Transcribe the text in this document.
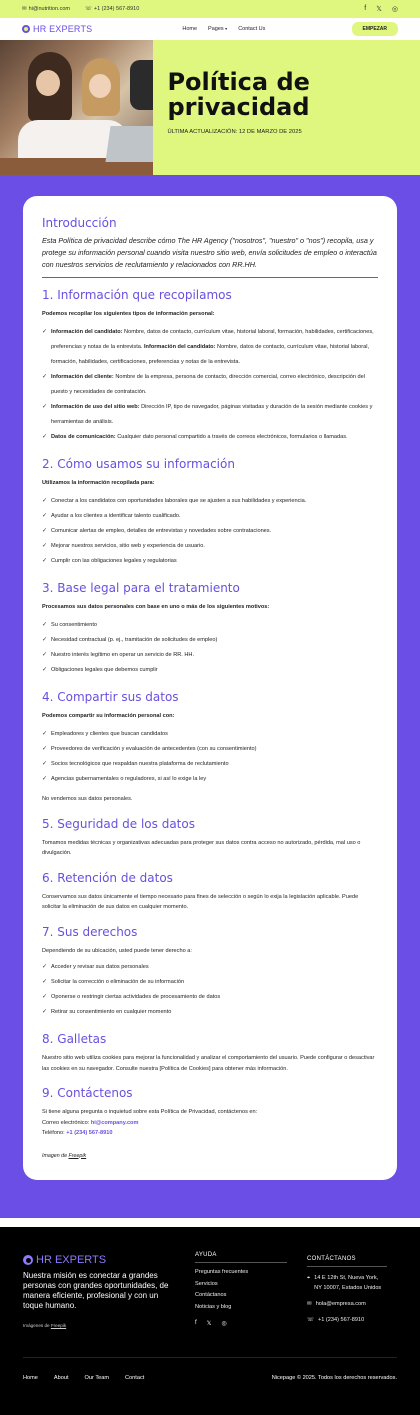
✉ hi@nutrition.com	☏ +1 (234) 567-8910	f 𝕏 ◎
HR EXPERTS	Home Pages ▾ Contact Us	EMPEZAR
Política de privacidad
ÚLTIMA ACTUALIZACIÓN: 12 DE MARZO DE 2025
Introducción

Esta Política de privacidad describe cómo The HR Agency ("nosotros", "nuestro" o "nos") recopila, usa y protege su información personal cuando visita nuestro sitio web, envía solicitudes de empleo o interactúa con nuestros servicios de reclutamiento y relacionados con RR.HH.

1. Información que recopilamos

Podemos recopilar los siguientes tipos de información personal:

✓ Información del candidato: Nombre, datos de contacto, currículum vitae, historial laboral, formación, habilidades, certificaciones, preferencias y notas de la entrevista. Información del candidato: Nombre, datos de contacto, currículum vitae, historial laboral, formación, habilidades, certificaciones, preferencias y notas de la entrevista.
✓ Información del cliente: Nombre de la empresa, persona de contacto, dirección comercial, correo electrónico, descripción del puesto y necesidades de contratación.
✓ Información de uso del sitio web: Dirección IP, tipo de navegador, páginas visitadas y duración de la sesión mediante cookies y herramientas de análisis.
✓ Datos de comunicación: Cualquier dato personal compartido a través de correos electrónicos, formularios o llamadas.
2. Cómo usamos su información

Utilizamos la información recopilada para:

✓ Conectar a los candidatos con oportunidades laborales que se ajusten a sus habilidades y experiencia.
✓ Ayudar a los clientes a identificar talento cualificado.
✓ Comunicar alertas de empleo, detalles de entrevistas y novedades sobre contrataciones.
✓ Mejorar nuestros servicios, sitio web y experiencia de usuario.
✓ Cumplir con las obligaciones legales y regulatorias
3. Base legal para el tratamiento

Procesamos sus datos personales con base en uno o más de los siguientes motivos:

✓ Su consentimiento
✓ Necesidad contractual (p. ej., tramitación de solicitudes de empleo)
✓ Nuestro interés legítimo en operar un servicio de RR. HH.
✓ Obligaciones legales que debemos cumplir
4. Compartir sus datos

Podemos compartir su información personal con:

✓ Empleadores y clientes que buscan candidatos
✓ Proveedores de verificación y evaluación de antecedentes (con su consentimiento)
✓ Socios tecnológicos que respaldan nuestra plataforma de reclutamiento
✓ Agencias gubernamentales o reguladores, si así lo exige la ley

No vendemos sus datos personales.

5. Seguridad de los datos

Tomamos medidas técnicas y organizativas adecuadas para proteger sus datos contra acceso no autorizado, pérdida, mal uso o divulgación.

6. Retención de datos

Conservamos sus datos únicamente el tiempo necesario para fines de selección o según lo exija la legislación aplicable. Puede solicitar la eliminación de sus datos en cualquier momento.

7. Sus derechos

Dependiendo de su ubicación, usted puede tener derecho a:

✓ Acceder y revisar sus datos personales
✓ Solicitar la corrección o eliminación de su información
✓ Oponerse o restringir ciertas actividades de procesamiento de datos
✓ Retirar su consentimiento en cualquier momento
8. Galletas

Nuestro sitio web utiliza cookies para mejorar la funcionalidad y analizar el comportamiento del usuario. Puede configurar o desactivar las cookies en su navegador. Consulte nuestra [Política de Cookies] para obtener más información.

9. Contáctenos

Si tiene alguna pregunta o inquietud sobre esta Política de Privacidad, contáctenos en:

Correo electrónico: hi@company.com

Teléfono: +1 (234) 567-8910

Imagen de Freepik

HR EXPERTS

Nuestra misión es conectar a grandes personas con grandes oportunidades, de manera eficiente, profesional y con un toque humano.

Imágenes de Freepik

AYUDA
Preguntas frecuentes
Servicios
Contáctanos
Noticias y blog
f 𝕏 ◎
CONTÁCTANOS
⌖ 14 E 12th St, Nueva York, NY 10007, Estados Unidos
✉ hola@empresa.com
☏ +1 (234) 567-8910
Home	About	Our Team	Contact	Nicepage © 2025. Todos los derechos reservados.
